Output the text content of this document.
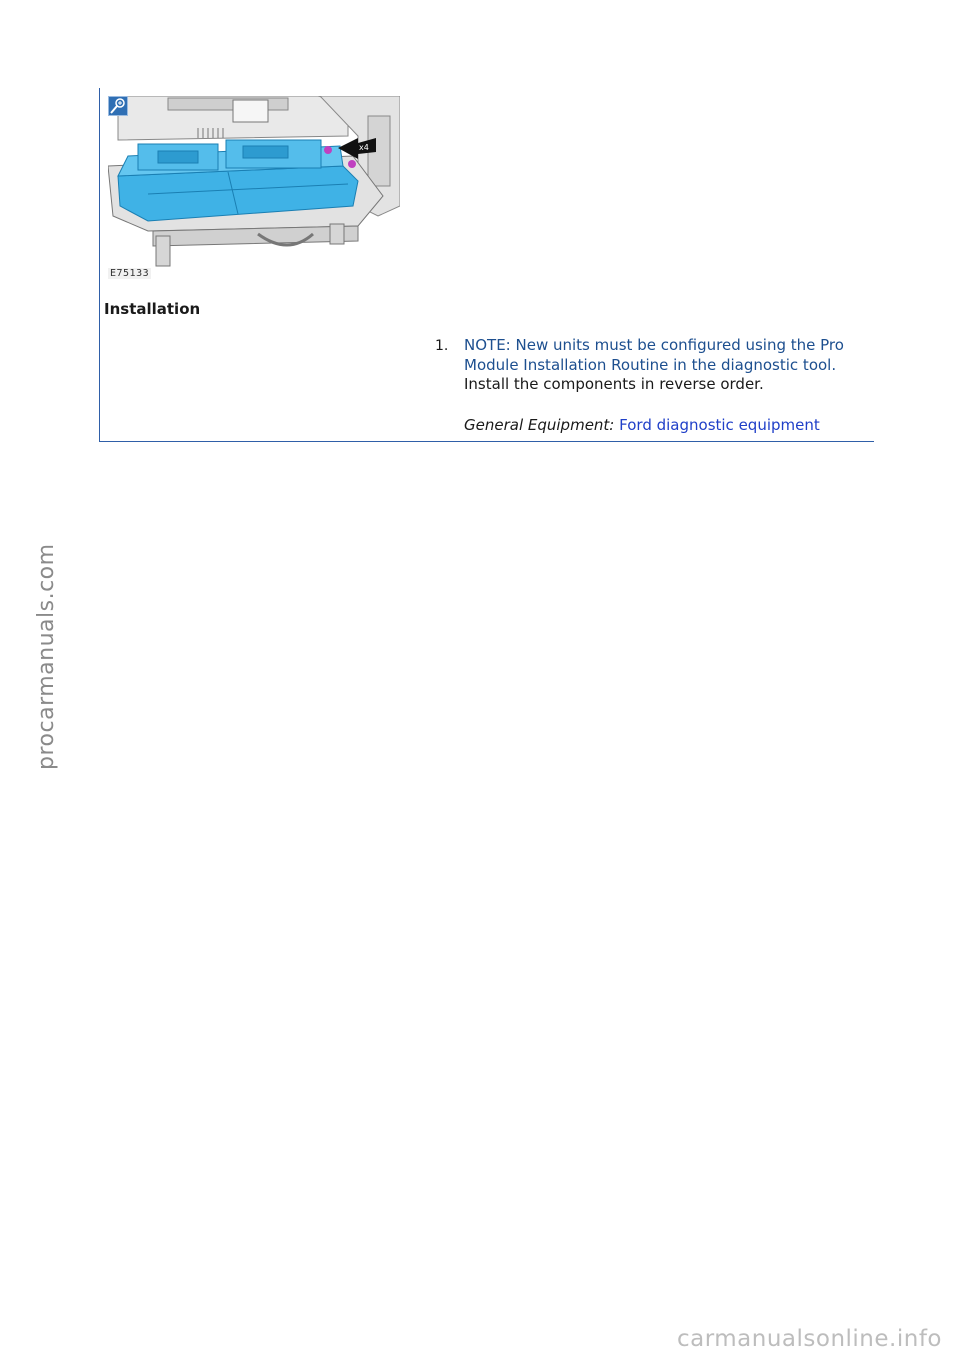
x4
E75133
Installation
1. NOTE: New units must be configured using the Pro
Module Installation Routine in the diagnostic tool.
Install the components in reverse order.
General Equipment: Ford diagnostic equipment
procarmanuals.com
carmanualsonline.info
